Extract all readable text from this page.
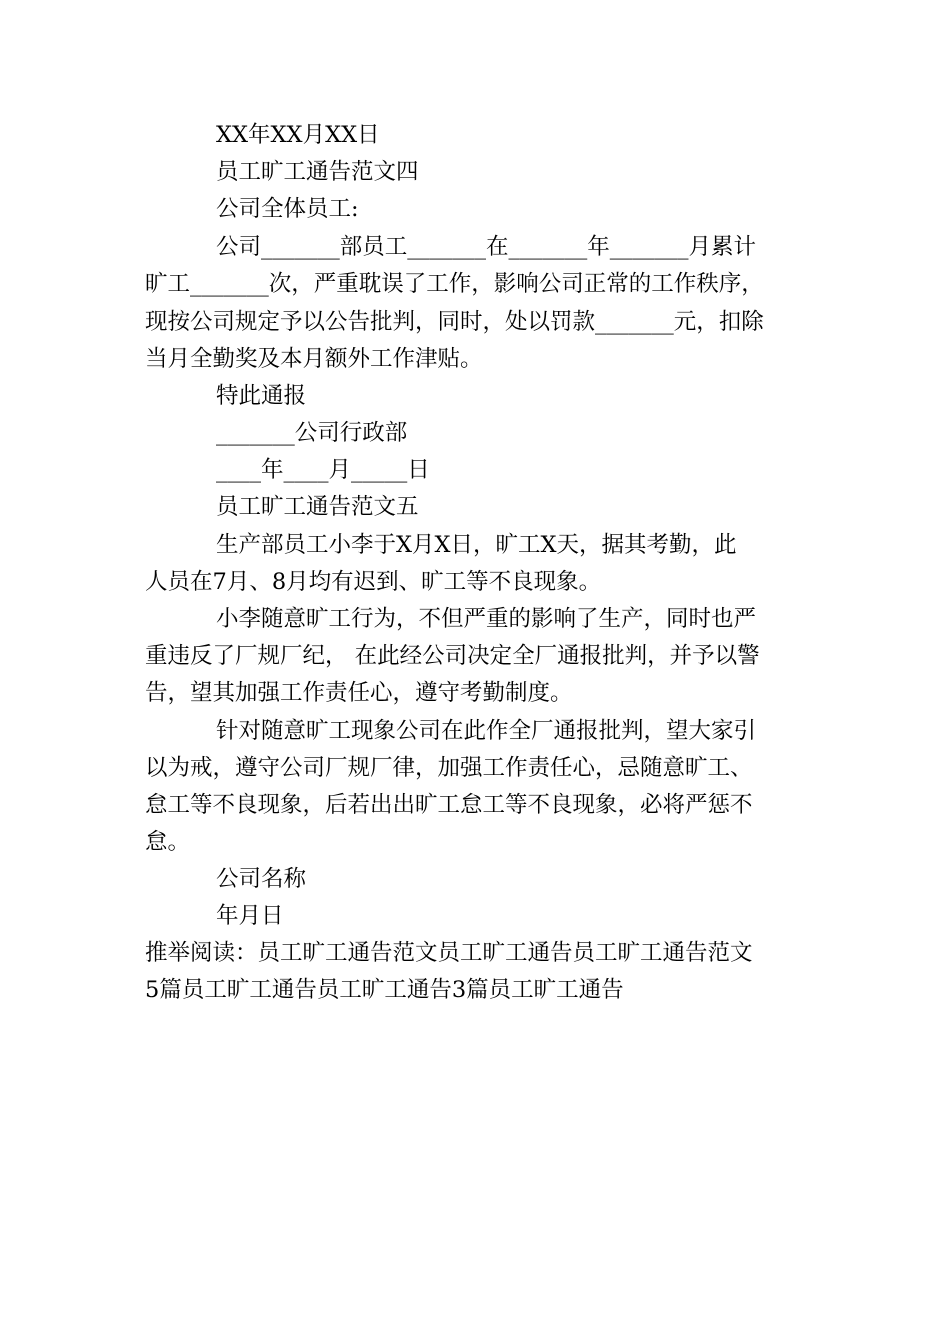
XX年XX月XX日
员工旷工通告范文四
公司全体员工:
公司_______部员工_______在_______年_______月累计
旷工_______次，严重耽误了工作，影响公司正常的工作秩序，
现按公司规定予以公告批判，同时，处以罚款_______元，扣除
当月全勤奖及本月额外工作津贴。
特此通报
_______公司行政部
____年____月_____日
员工旷工通告范文五
生产部员工小李于X月X日，旷工X天，据其考勤，此
人员在7月、8月均有迟到、旷工等不良现象。
小李随意旷工行为，不但严重的影响了生产，同时也严
重违反了厂规厂纪， 在此经公司决定全厂通报批判，并予以警
告，望其加强工作责任心，遵守考勤制度。
针对随意旷工现象公司在此作全厂通报批判，望大家引
以为戒，遵守公司厂规厂律，加强工作责任心，忌随意旷工、
怠工等不良现象，后若出出旷工怠工等不良现象，必将严惩不
怠。
公司名称
年月日
推举阅读：员工旷工通告范文员工旷工通告员工旷工通告范文
5篇员工旷工通告员工旷工通告3篇员工旷工通告
